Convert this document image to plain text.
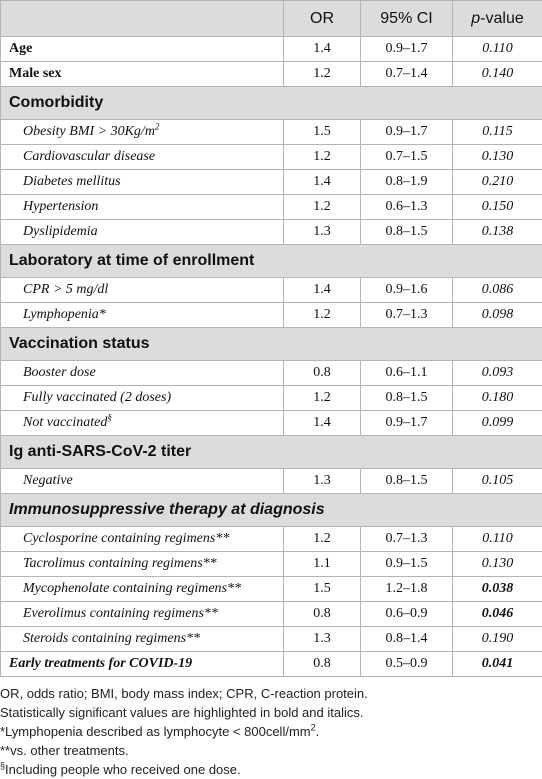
	OR	95% CI	p-value
Age	1.4	0.9–1.7	0.110
Male sex	1.2	0.7–1.4	0.140
Comorbidity			
Obesity BMI > $30Kg/m^2$	1.5	0.9–1.7	0.115
Cardiovascular disease	1.2	0.7–1.5	0.130
Diabetes mellitus	1.4	0.8–1.9	0.210
Hypertension	1.2	0.6–1.3	0.150
Dyslipidemia	1.3	0.8–1.5	0.138
Laboratory at time of enrollment			
CPR > 5 mg/dl	1.4	0.9–1.6	0.086
Lymphopenia*	1.2	0.7–1.3	0.098
Vaccination status			
Booster dose	0.8	0.6–1.1	0.093
Fully vaccinated (2 doses)	1.2	0.8–1.5	0.180
Not vaccinated§	1.4	0.9–1.7	0.099
Ig anti-SARS-CoV-2 titer			
Negative	1.3	0.8–1.5	0.105
Immunosuppressive therapy at diagnosis			
Cyclosporine containing regimens**	1.2	0.7–1.3	0.110
Tacrolimus containing regimens**	1.1	0.9–1.5	0.130
Mycophenolate containing regimens**	1.5	1.2–1.8	0.038
Everolimus containing regimens**	0.8	0.6–0.9	0.046
Steroids containing regimens**	1.3	0.8–1.4	0.190
Early treatments for COVID-19	0.8	0.5–0.9	0.041
OR, odds ratio; BMI, body mass index; CPR, C-reaction protein.
Statistically significant values are highlighted in bold and italics.
*Lymphopenia described as lymphocyte < $800cell/mm^2$.
**vs. other treatments.
§Including people who received one dose.
